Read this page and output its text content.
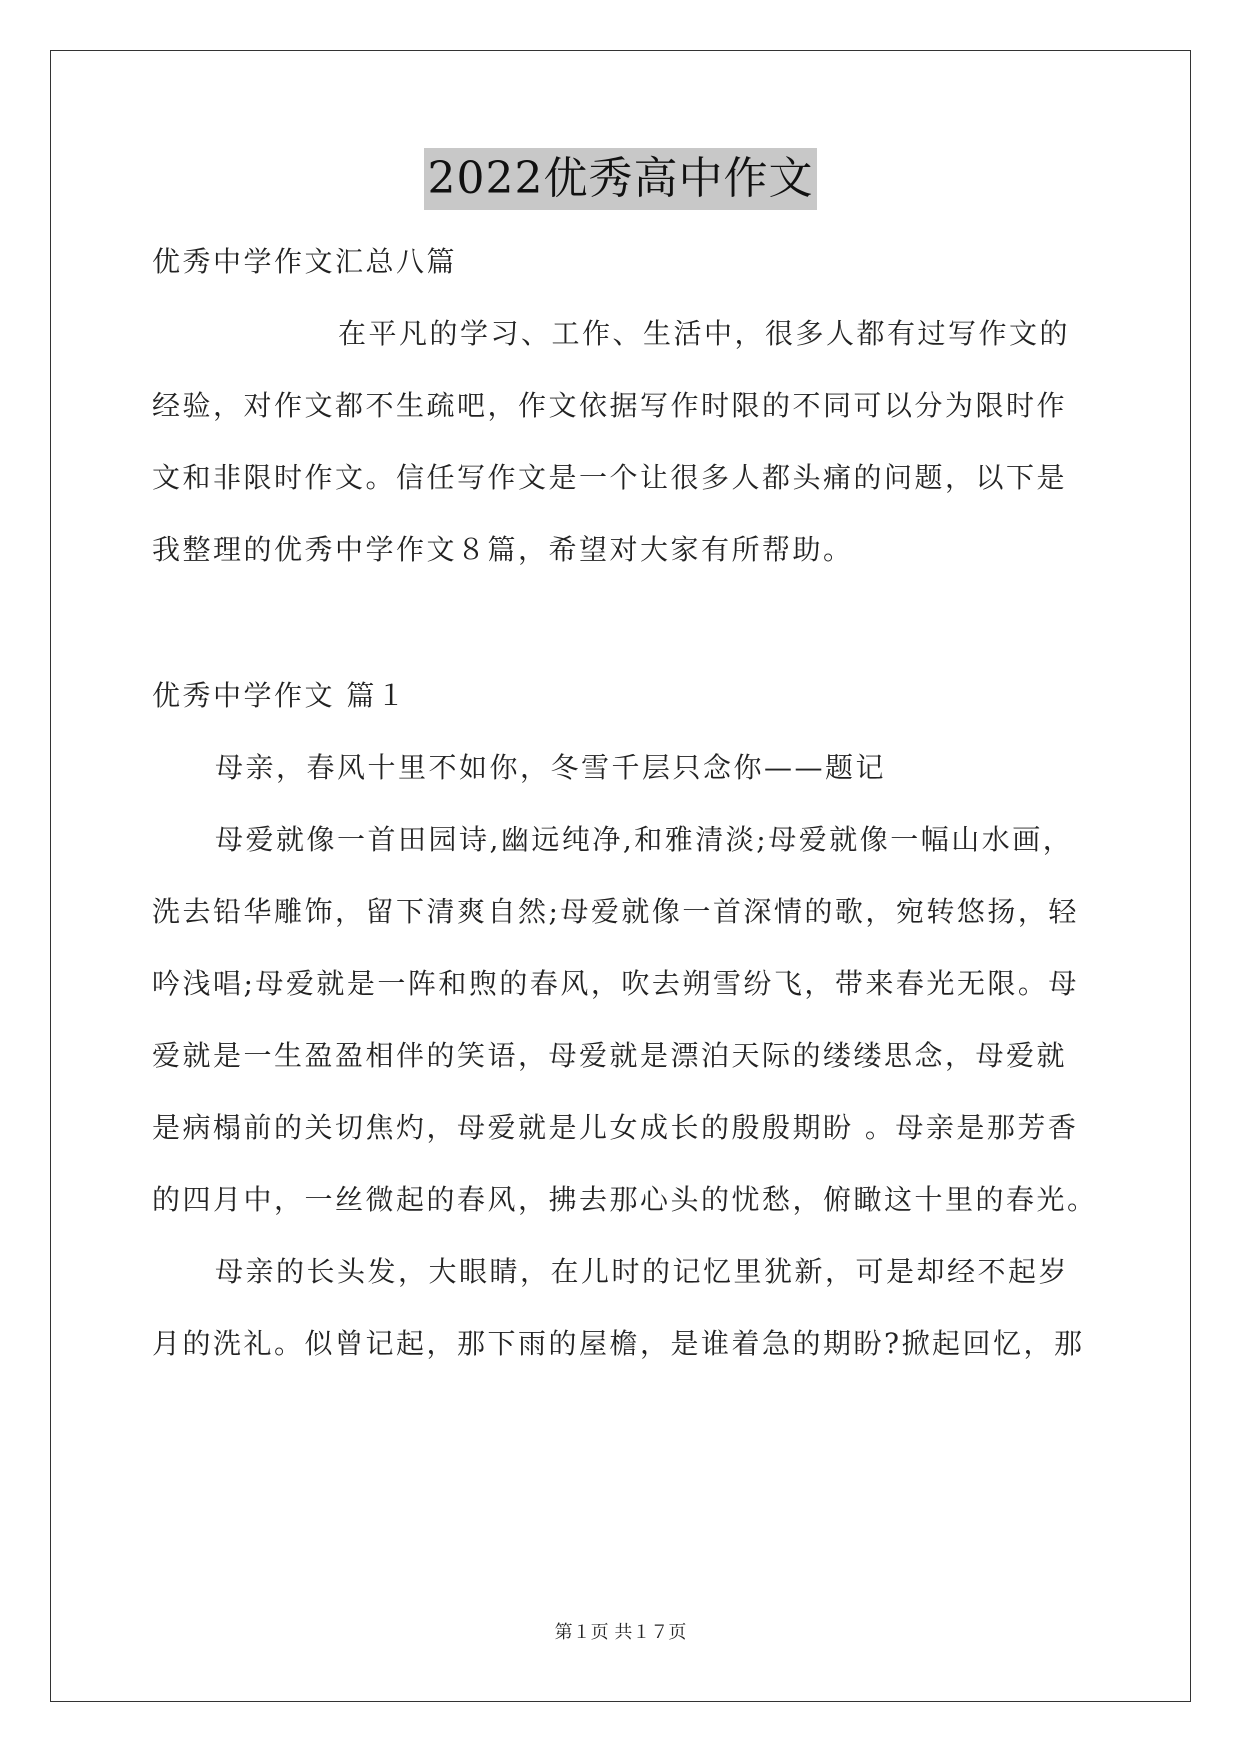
2022优秀高中作文
优秀中学作文汇总八篇
在平凡的学习、工作、生活中，很多人都有过写作文的
经验，对作文都不生疏吧，作文依据写作时限的不同可以分为限时作
文和非限时作文。信任写作文是一个让很多人都头痛的问题，以下是
我整理的优秀中学作文８篇，希望对大家有所帮助。
优秀中学作文 篇１
母亲，春风十里不如你，冬雪千层只念你——题记
母爱就像一首田园诗,幽远纯净,和雅清淡;母爱就像一幅山水画，
洗去铅华雕饰，留下清爽自然;母爱就像一首深情的歌，宛转悠扬，轻
吟浅唱;母爱就是一阵和煦的春风，吹去朔雪纷飞，带来春光无限。母
爱就是一生盈盈相伴的笑语，母爱就是漂泊天际的缕缕思念，母爱就
是病榻前的关切焦灼，母爱就是儿女成长的殷殷期盼 。母亲是那芳香
的四月中，一丝微起的春风，拂去那心头的忧愁，俯瞰这十里的春光。
母亲的长头发，大眼睛，在儿时的记忆里犹新，可是却经不起岁
月的洗礼。似曾记起，那下雨的屋檐，是谁着急的期盼?掀起回忆，那
第１页 共１７页
